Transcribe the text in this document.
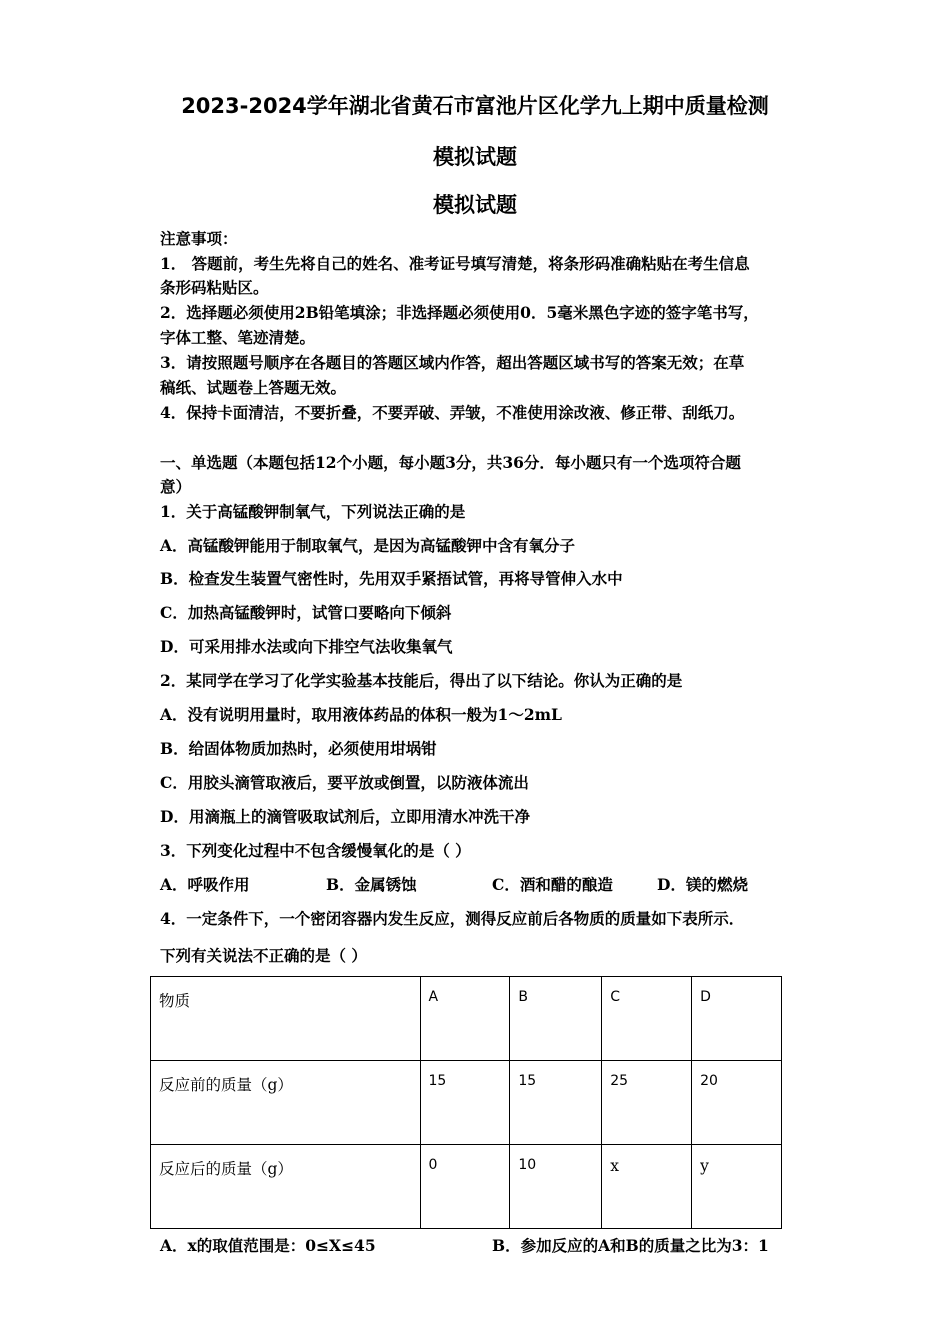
2023-2024学年湖北省黄石市富池片区化学九上期中质量检测
模拟试题
模拟试题
注意事项：
1． 答题前，考生先将自己的姓名、准考证号填写清楚，将条形码准确粘贴在考生信息
条形码粘贴区。
2．选择题必须使用2B铅笔填涂；非选择题必须使用0．5毫米黑色字迹的签字笔书写，
字体工整、笔迹清楚。
3．请按照题号顺序在各题目的答题区域内作答，超出答题区域书写的答案无效；在草
稿纸、试题卷上答题无效。
4．保持卡面清洁，不要折叠，不要弄破、弄皱，不准使用涂改液、修正带、刮纸刀。
一、单选题（本题包括12个小题，每小题3分，共36分．每小题只有一个选项符合题
意）
1．关于高锰酸钾制氧气，下列说法正确的是
A．高锰酸钾能用于制取氧气，是因为高锰酸钾中含有氧分子
B．检查发生装置气密性时，先用双手紧捂试管，再将导管伸入水中
C．加热高锰酸钾时，试管口要略向下倾斜
D．可采用排水法或向下排空气法收集氧气
2．某同学在学习了化学实验基本技能后，得出了以下结论。你认为正确的是
A．没有说明用量时，取用液体药品的体积一般为1～2mL
B．给固体物质加热时，必须使用坩埚钳
C．用胶头滴管取液后，要平放或倒置，以防液体流出
D．用滴瓶上的滴管吸取试剂后，立即用清水冲洗干净
3．下列变化过程中不包含缓慢氧化的是（ ）
A．呼吸作用	B．金属锈蚀	C．酒和醋的酿造	D．镁的燃烧
4．一定条件下，一个密闭容器内发生反应，测得反应前后各物质的质量如下表所示．
下列有关说法不正确的是（ ）
物质	A	B	C	D
反应前的质量（g）	15	15	25	20
反应后的质量（g）	0	10	x	y
A．x的取值范围是：0≤X≤45	B．参加反应的A和B的质量之比为3：1
